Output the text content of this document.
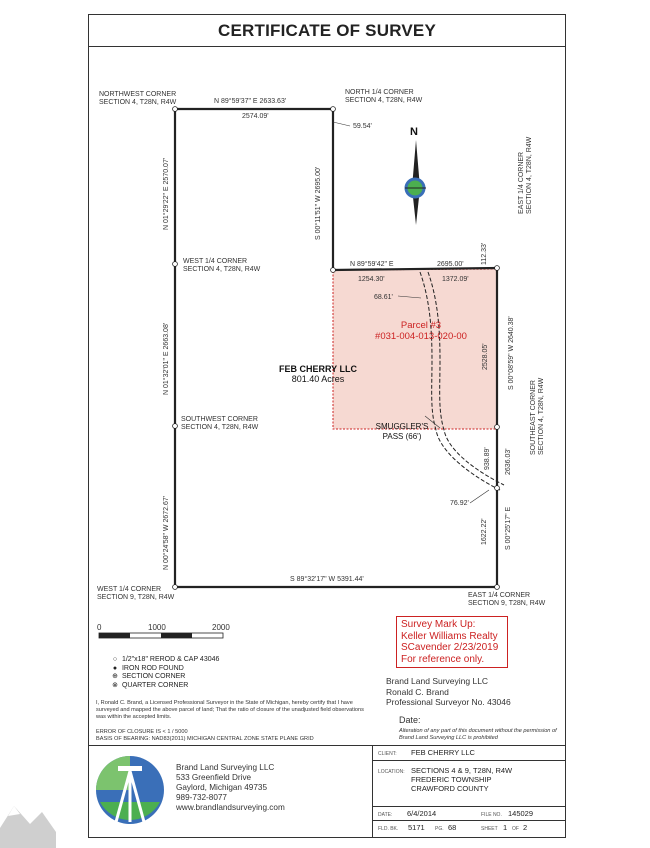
CERTIFICATE OF SURVEY
0	1000	2000
N
NORTHWEST CORNER
SECTION 4, T28N, R4W
NORTH 1/4 CORNER
SECTION 4, T28N, R4W
WEST 1/4 CORNER
SECTION 4, T28N, R4W
SOUTHWEST CORNER
SECTION 4, T28N, R4W
WEST 1/4 CORNER
SECTION 9, T28N, R4W	EAST 1/4 CORNER
SECTION 9, T28N, R4W
EAST 1/4 CORNER SECTION 4, T28N, R4W
SOUTHEAST CORNER SECTION 4, T28N, R4W
N 89°59'37" E 2633.63'
2574.09'
59.54'
N 89°59'42" E	2695.00'
1254.30'	1372.09'
68.61'
76.92'
S 89°32'17" W 5391.44'
S 00°11'51" W 2695.00'
112.33'
S 00°08'59" W 2640.38'
2528.05'
938.89' 2636.03'
1622.22' S 00°25'17" E
N 01°29'22" E 2570.07'
N 01°32'01" E 2663.08'
N 00°24'58" W 2672.67'
Parcel #3
#031-004-013-020-00
FEB CHERRY LLC
801.40 Acres
SMUGGLER'S
PASS (66')
○ 1/2"x18" REROD & CAP 43046
● IRON ROD FOUND
⊕ SECTION CORNER
⊗ QUARTER CORNER
Survey Mark Up:
Keller Williams Realty
SCavender 2/23/2019
For reference only.
Brand Land Surveying LLC
Ronald C. Brand
Professional Surveyor No. 43046
Date:
Alteration of any part of this document without the permission of Brand Land Surveying LLC is prohibited
I, Ronald C. Brand, a Licensed Professional Surveyor in the State of Michigan, hereby certify that I have surveyed and mapped the above parcel of land; That the ratio of closure of the unadjusted field observations was within the accepted limits.
ERROR OF CLOSURE IS < 1 / 5000
BASIS OF BEARING: NAD83(2011) MICHIGAN CENTRAL ZONE STATE PLANE GRID
Brand Land Surveying LLC
533 Greenfield Drive
Gaylord, Michigan 49735
989-732-8077
www.brandlandsurveying.com
CLIENT: FEB CHERRY LLC
LOCATION: SECTIONS 4 & 9, T28N, R4W
FREDERIC TOWNSHIP
CRAWFORD COUNTY
DATE: 6/4/2014	FILE NO. 145029
FLD. BK. 5171 PG. 68	SHEET 1 OF 2
